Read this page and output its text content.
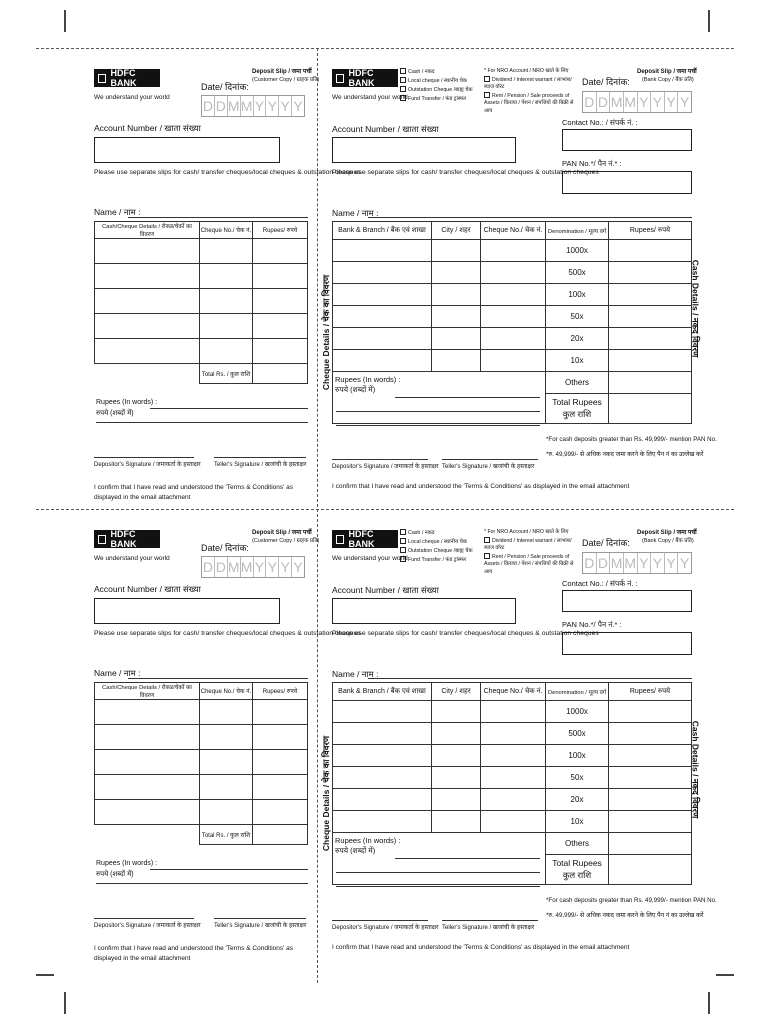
HDFC BANK
We understand your world
Deposit Slip / जमा पर्ची
(Customer Copy / ग्राहक प्रति)
Date/ दिनांक:
D D M M Y Y Y Y
Account Number / खाता संख्या
Please use separate slips for cash/ transfer cheques/local cheques & outstation cheques
Name / नाम :
Cash/Cheque Details / रोकड/चेकों का विवरण	Cheque No./ चेक नं.	Rupees/ रुपये

	Total Rs. / कुल राशि	
Rupees (In words) :
रुपये (शब्दों में)
Depositor's Signature / जमाकर्ता के हस्ताक्षर Teller's Signature / खजांची के हस्ताक्षर
I confirm that I have read and understood the 'Terms & Conditions' as displayed in the email attachment
HDFC BANK
We understand your world
Cash / नकद
Local cheque / स्थानीय चेक
Outstation Cheque /बाह्य चेक
Fund Transfer / फंड ट्रांस्फर
* For NRO Account / NRO खाते के लिए
Dividend / Interest warrant / लाभांश/ब्याज वॉरंट
Rent / Pension / Sale proceeds of Assets / किराया / पेंशन / संपत्तियों की बिक्री से आय
Deposit Slip / जमा पर्ची
(Bank Copy / बैंक प्रति)
Date/ दिनांक:
D D M M Y Y Y Y
Contact No.: / संपर्क नं. :
Account Number / खाता संख्या
PAN No.*/ पैन नं.* :
Please use separate slips for cash/ transfer cheques/local cheques & outstation cheques
Name / नाम :
Bank & Branch / बैंक एवं शाखा	City / शहर	Cheque No./ चेक नं.	Denomination / मूल्य वर्ग	Rupees/ रुपये
			1000x	
			500x	
			100x	
			50x	
			20x	
			10x	

Rupees (In words) :
रुपये (शब्दों में)			Others	

			Total Rupees
कुल राशि	

Cheque Details / चेक का विवरण	Cash Details / नकद विवरण
*For cash deposits greater than Rs. 49,999/- mention PAN No.
*रु. 49,999/- से अधिक नकद जमा करने के लिए पैन नं का उल्लेख करें
Depositor's Signature / जमाकर्ता के हस्ताक्षर Teller's Signature / खजांची के हस्ताक्षर
I confirm that I have read and understood the 'Terms & Conditions' as displayed in the email attachment
HDFC BANK
We understand your world
Deposit Slip / जमा पर्ची
(Customer Copy / ग्राहक प्रति)
Date/ दिनांक:
D D M M Y Y Y Y
Account Number / खाता संख्या
Please use separate slips for cash/ transfer cheques/local cheques & outstation cheques
Name / नाम :
Cash/Cheque Details / रोकड/चेकों का विवरण	Cheque No./ चेक नं.	Rupees/ रुपये

	Total Rs. / कुल राशि	
Rupees (In words) :
रुपये (शब्दों में)
Depositor's Signature / जमाकर्ता के हस्ताक्षर Teller's Signature / खजांची के हस्ताक्षर
I confirm that I have read and understood the 'Terms & Conditions' as displayed in the email attachment
HDFC BANK
We understand your world
Cash / नकद
Local cheque / स्थानीय चेक
Outstation Cheque /बाह्य चेक
Fund Transfer / फंड ट्रांस्फर
* For NRO Account / NRO खाते के लिए
Dividend / Interest warrant / लाभांश/ब्याज वॉरंट
Rent / Pension / Sale proceeds of Assets / किराया / पेंशन / संपत्तियों की बिक्री से आय
Deposit Slip / जमा पर्ची
(Bank Copy / बैंक प्रति)
Date/ दिनांक:
D D M M Y Y Y Y
Contact No.: / संपर्क नं. :
Account Number / खाता संख्या
PAN No.*/ पैन नं.* :
Please use separate slips for cash/ transfer cheques/local cheques & outstation cheques
Name / नाम :
Bank & Branch / बैंक एवं शाखा	City / शहर	Cheque No./ चेक नं.	Denomination / मूल्य वर्ग	Rupees/ रुपये
			1000x	
			500x	
			100x	
			50x	
			20x	
			10x	

Rupees (In words) :
रुपये (शब्दों में)			Others	

			Total Rupees
कुल राशि	

Cheque Details / चेक का विवरण	Cash Details / नकद विवरण
*For cash deposits greater than Rs. 49,999/- mention PAN No.
*रु. 49,999/- से अधिक नकद जमा करने के लिए पैन नं का उल्लेख करें
Depositor's Signature / जमाकर्ता के हस्ताक्षर Teller's Signature / खजांची के हस्ताक्षर
I confirm that I have read and understood the 'Terms & Conditions' as displayed in the email attachment
